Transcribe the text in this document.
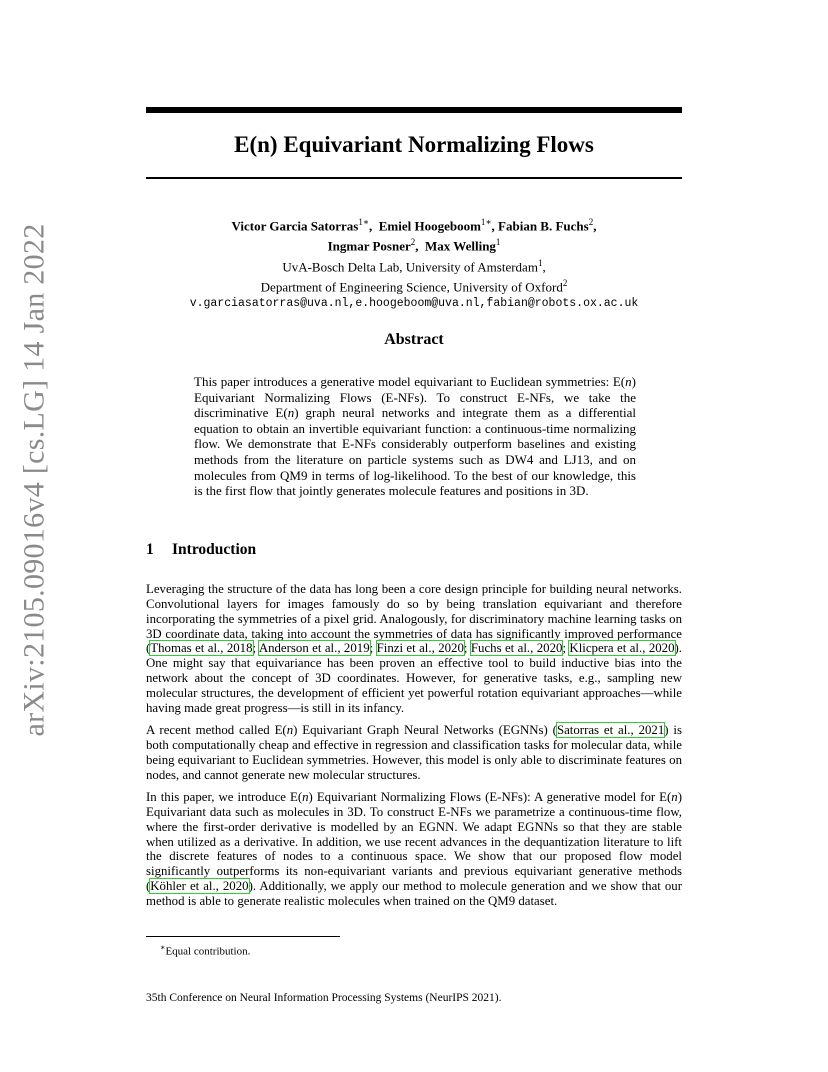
arXiv:2105.09016v4 [cs.LG] 14 Jan 2022
E(n) Equivariant Normalizing Flows
Victor Garcia Satorras$^{1∗}$,  Emiel Hoogeboom$^{1∗}$, Fabian B. Fuchs$^2$,
Ingmar Posner$^2$,  Max Welling$^1$
UvA-Bosch Delta Lab, University of Amsterdam$^1$,
Department of Engineering Science, University of Oxford$^2$
v.garciasatorras@uva.nl,e.hoogeboom@uva.nl,fabian@robots.ox.ac.uk
Abstract
This paper introduces a generative model equivariant to Euclidean symmetries: E(n) Equivariant Normalizing Flows (E-NFs). To construct E-NFs, we take the discriminative E(n) graph neural networks and integrate them as a differential equation to obtain an invertible equivariant function: a continuous-time normalizing flow. We demonstrate that E-NFs considerably outperform baselines and existing methods from the literature on particle systems such as DW4 and LJ13, and on molecules from QM9 in terms of log-likelihood. To the best of our knowledge, this is the first flow that jointly generates molecule features and positions in 3D.
1 Introduction

Leveraging the structure of the data has long been a core design principle for building neural networks. Convolutional layers for images famously do so by being translation equivariant and therefore incorporating the symmetries of a pixel grid. Analogously, for discriminatory machine learning tasks on 3D coordinate data, taking into account the symmetries of data has significantly improved performance (Thomas et al., 2018; Anderson et al., 2019; Finzi et al., 2020; Fuchs et al., 2020; Klicpera et al., 2020). One might say that equivariance has been proven an effective tool to build inductive bias into the network about the concept of 3D coordinates. However, for generative tasks, e.g., sampling new molecular structures, the development of efficient yet powerful rotation equivariant approaches—while having made great progress—is still in its infancy.

A recent method called E(n) Equivariant Graph Neural Networks (EGNNs) (Satorras et al., 2021) is both computationally cheap and effective in regression and classification tasks for molecular data, while being equivariant to Euclidean symmetries. However, this model is only able to discriminate features on nodes, and cannot generate new molecular structures.

In this paper, we introduce E(n) Equivariant Normalizing Flows (E-NFs): A generative model for E(n) Equivariant data such as molecules in 3D. To construct E-NFs we parametrize a continuous-time flow, where the first-order derivative is modelled by an EGNN. We adapt EGNNs so that they are stable when utilized as a derivative. In addition, we use recent advances in the dequantization literature to lift the discrete features of nodes to a continuous space. We show that our proposed flow model significantly outperforms its non-equivariant variants and previous equivariant generative methods (Köhler et al., 2020). Additionally, we apply our method to molecule generation and we show that our method is able to generate realistic molecules when trained on the QM9 dataset.

∗Equal contribution.
35th Conference on Neural Information Processing Systems (NeurIPS 2021).
